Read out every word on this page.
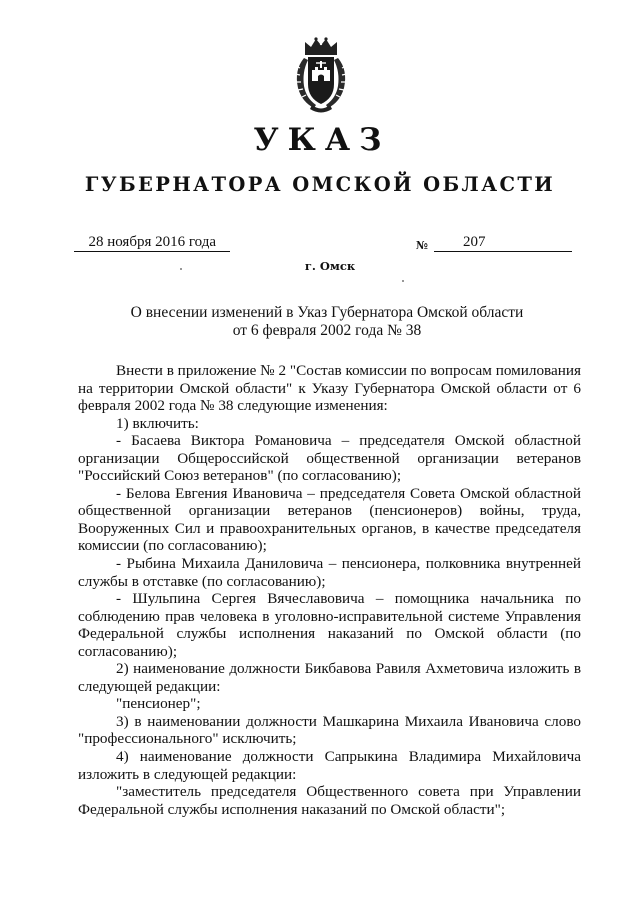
УКАЗ
ГУБЕРНАТОРА ОМСКОЙ ОБЛАСТИ
28 ноября 2016 года	№	207
г. Омск
О внесении изменений в Указ Губернатора Омской области
от 6 февраля 2002 года № 38

Внести в приложение № 2 "Состав комиссии по вопросам помилования на территории Омской области" к Указу Губернатора Омской области от 6 февраля 2002 года № 38 следующие изменения:

1) включить:

- Басаева Виктора Романовича – председателя Омской областной организации Общероссийской общественной организации ветеранов "Российский Союз ветеранов" (по согласованию);

- Белова Евгения Ивановича – председателя Совета Омской областной общественной организации ветеранов (пенсионеров) войны, труда, Вооруженных Сил и правоохранительных органов, в качестве председателя комиссии (по согласованию);

- Рыбина Михаила Даниловича – пенсионера, полковника внутренней службы в отставке (по согласованию);

- Шульпина Сергея Вячеславовича – помощника начальника по соблюдению прав человека в уголовно-исправительной системе Управления Федеральной службы исполнения наказаний по Омской области (по согласованию);

2) наименование должности Бикбавова Равиля Ахметовича изложить в следующей редакции:

"пенсионер";

3) в наименовании должности Машкарина Михаила Ивановича слово "профессионального" исключить;

4) наименование должности Сапрыкина Владимира Михайловича изложить в следующей редакции:

"заместитель председателя Общественного совета при Управлении Федеральной службы исполнения наказаний по Омской области";
